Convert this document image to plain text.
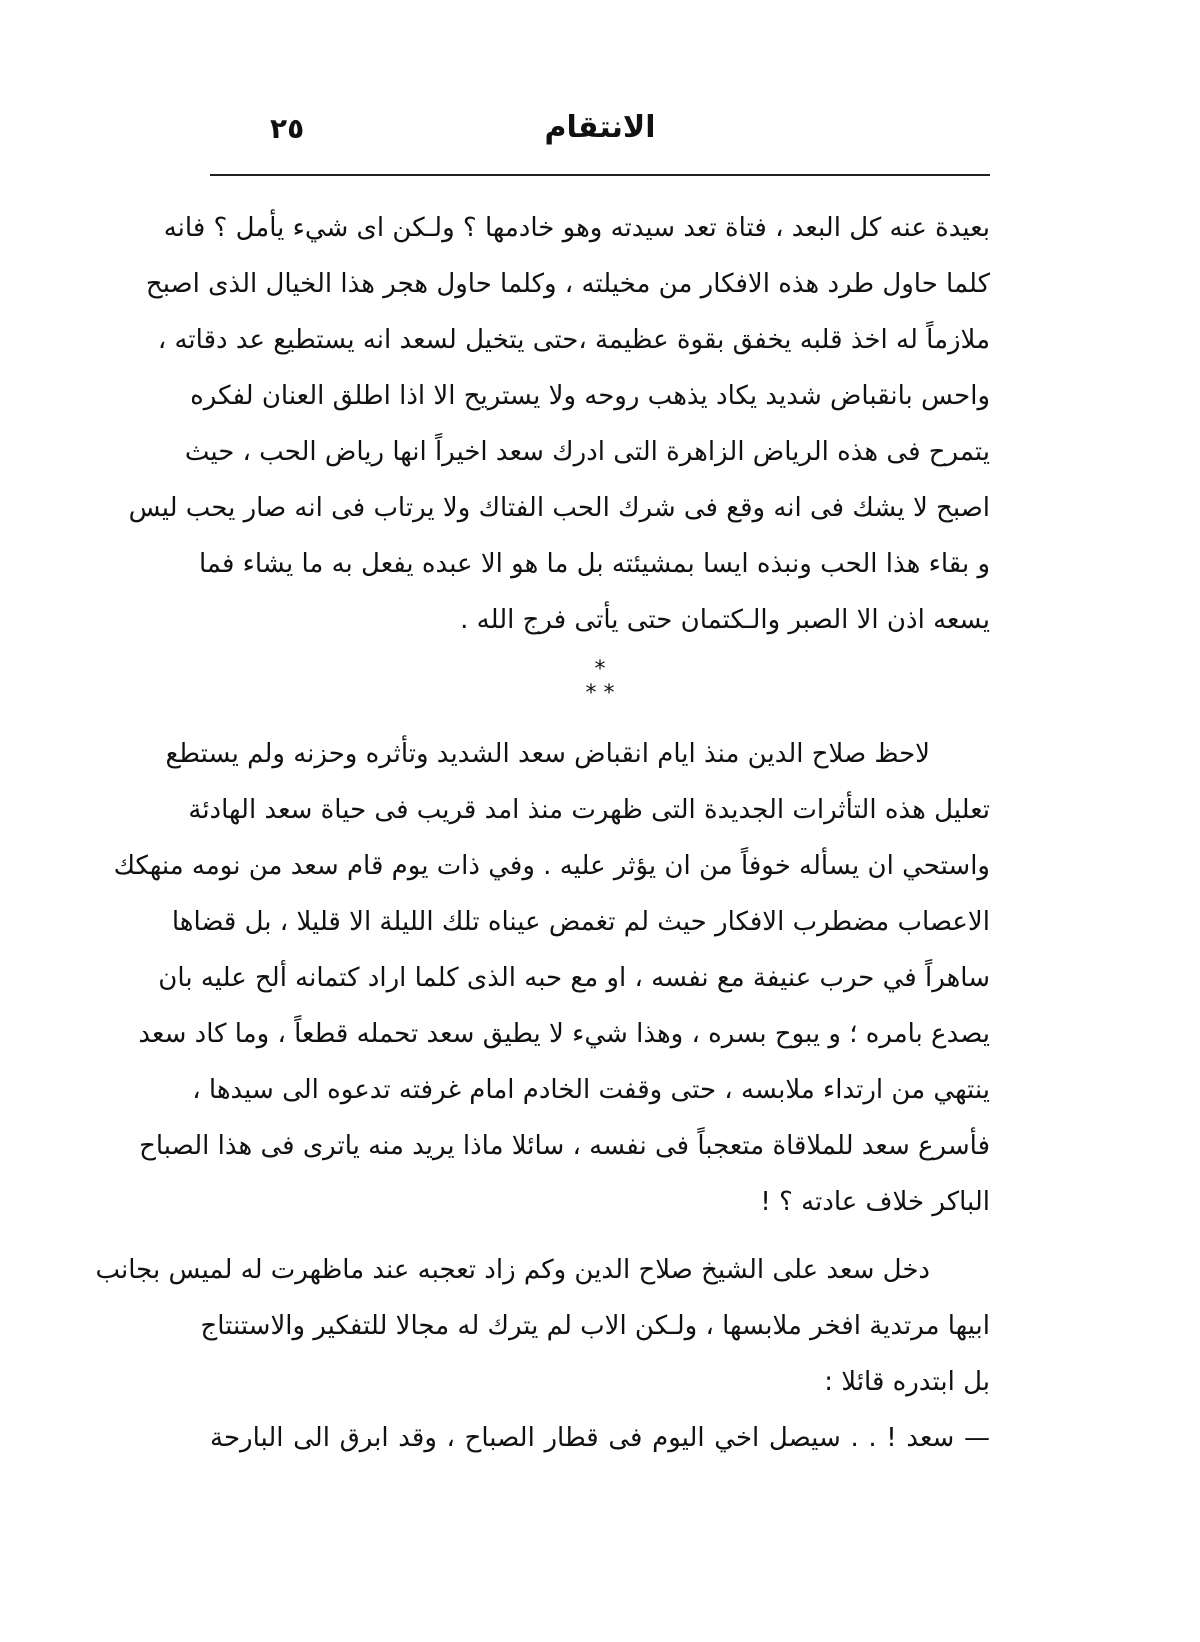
الانتقام
٢٥
بعيدة عنه كل البعد ، فتاة تعد سيدته وهو خادمها ؟ ولـكن اى شيء يأمل ؟ فانه
كلما حاول طرد هذه الافكار من مخيلته ، وكلما حاول هجر هذا الخيال الذى اصبح
ملازماً له اخذ قلبه يخفق بقوة عظيمة ،حتى يتخيل لسعد انه يستطيع عد دقاته ،
واحس بانقباض شديد يكاد يذهب روحه ولا يستريح الا اذا اطلق العنان لفكره
يتمرح فى هذه الرياض الزاهرة التى ادرك سعد اخيراً انها رياض الحب ، حيث
اصبح لا يشك فى انه وقع فى شرك الحب الفتاك ولا يرتاب فى انه صار يحب ليس
و بقاء هذا الحب ونبذه ايسا بمشيئته بل ما هو الا عبده يفعل به ما يشاء فما
يسعه اذن الا الصبر والـكتمان حتى يأتى فرج الله .
*
* *
لاحظ صلاح الدين منذ ايام انقباض سعد الشديد وتأثره وحزنه ولم يستطع
تعليل هذه التأثرات الجديدة التى ظهرت منذ امد قريب فى حياة سعد الهادئة
واستحي ان يسأله خوفاً من ان يؤثر عليه . وفي ذات يوم قام سعد من نومه منهكك
الاعصاب مضطرب الافكار حيث لم تغمض عيناه تلك الليلة الا قليلا ، بل قضاها
ساهراً في حرب عنيفة مع نفسه ، او مع حبه الذى كلما اراد كتمانه ألح عليه بان
يصدع بامره ؛ و يبوح بسره ، وهذا شيء لا يطيق سعد تحمله قطعاً ، وما كاد سعد
ينتهي من ارتداء ملابسه ، حتى وقفت الخادم امام غرفته تدعوه الى سيدها ،
فأسرع سعد للملاقاة متعجباً فى نفسه ، سائلا ماذا يريد منه ياترى فى هذا الصباح
الباكر خلاف عادته ؟ !
دخل سعد على الشيخ صلاح الدين وكم زاد تعجبه عند ماظهرت له لميس بجانب
ابيها مرتدية افخر ملابسها ، ولـكن الاب لم يترك له مجالا للتفكير والاستنتاج
بل ابتدره قائلا :
— سعد ! . . سيصل اخي اليوم فى قطار الصباح ، وقد ابرق الى البارحة
